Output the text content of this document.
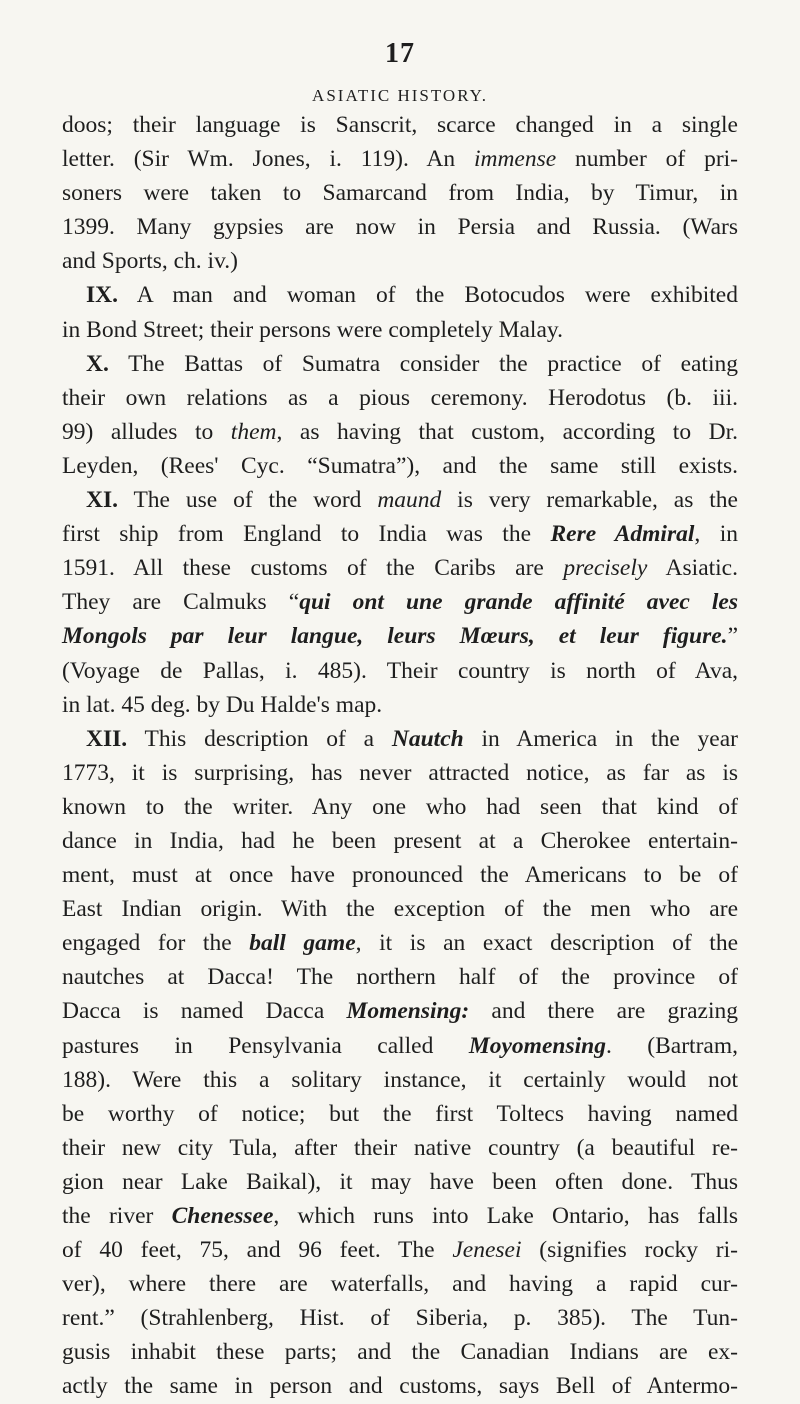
17
ASIATIC HISTORY.
doos; their language is Sanscrit, scarce changed in a single
letter. (Sir Wm. Jones, i. 119). An immense number of pri-
soners were taken to Samarcand from India, by Timur, in
1399. Many gypsies are now in Persia and Russia. (Wars
and Sports, ch. iv.)
IX. A man and woman of the Botocudos were exhibited
in Bond Street; their persons were completely Malay.
X. The Battas of Sumatra consider the practice of eating
their own relations as a pious ceremony. Herodotus (b. iii.
99) alludes to them, as having that custom, according to Dr.
Leyden, (Rees' Cyc. “Sumatra”), and the same still exists.
XI. The use of the word maund is very remarkable, as the
first ship from England to India was the Rere Admiral, in
1591. All these customs of the Caribs are precisely Asiatic.
They are Calmuks “qui ont une grande affinité avec les
Mongols par leur langue, leurs Mœurs, et leur figure.”
(Voyage de Pallas, i. 485). Their country is north of Ava,
in lat. 45 deg. by Du Halde's map.
XII. This description of a Nautch in America in the year
1773, it is surprising, has never attracted notice, as far as is
known to the writer. Any one who had seen that kind of
dance in India, had he been present at a Cherokee entertain-
ment, must at once have pronounced the Americans to be of
East Indian origin. With the exception of the men who are
engaged for the ball game, it is an exact description of the
nautches at Dacca! The northern half of the province of
Dacca is named Dacca Momensing: and there are grazing
pastures in Pensylvania called Moyomensing. (Bartram,
188). Were this a solitary instance, it certainly would not
be worthy of notice; but the first Toltecs having named
their new city Tula, after their native country (a beautiful re-
gion near Lake Baikal), it may have been often done. Thus
the river Chenessee, which runs into Lake Ontario, has falls
of 40 feet, 75, and 96 feet. The Jenesei (signifies rocky ri-
ver), where there are waterfalls, and having a rapid cur-
rent.” (Strahlenberg, Hist. of Siberia, p. 385). The Tun-
gusis inhabit these parts; and the Canadian Indians are ex-
actly the same in person and customs, says Bell of Antermo-
